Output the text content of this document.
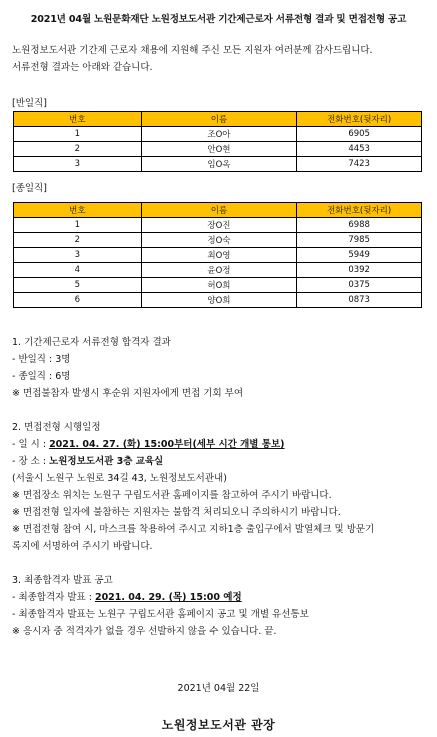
2021년 04월 노원문화재단 노원정보도서관 기간제근로자 서류전형 결과 및 면접전형 공고
노원정보도서관 기간제 근로자 채용에 지원해 주신 모든 지원자 여러분께 감사드립니다.
서류전형 결과는 아래와 같습니다.
[반일직]
번호	이름	전화번호(뒷자리)
1	조O아	6905
2	안O현	4453
3	임O옥	7423
[종일직]
번호	이름	전화번호(뒷자리)
1	장O진	6988
2	정O숙	7985
3	최O영	5949
4	윤O정	0392
5	허O희	0375
6	양O희	0873
1. 기간제근로자 서류전형 합격자 결과
- 반일직 : 3명
- 종일직 : 6명
※ 면접불참자 발생시 후순위 지원자에게 면접 기회 부여
2. 면접전형 시행일정
- 일 시 : 2021. 04. 27. (화) 15:00부터(세부 시간 개별 통보)
- 장 소 : 노원정보도서관 3층 교육실
(서울시 노원구 노원로 34길 43, 노원정보도서관내)
※ 면접장소 위치는 노원구 구립도서관 홈페이지를 참고하여 주시기 바랍니다.
※ 면접전형 일자에 불참하는 지원자는 불합격 처리되오니 주의하시기 바랍니다.
※ 면접전형 참여 시, 마스크를 착용하여 주시고 지하1층 출입구에서 발열체크 및 방문기
록지에 서명하여 주시기 바랍니다.
3. 최종합격자 발표 공고
- 최종합격자 발표 : 2021. 04. 29. (목) 15:00 예정
- 최종합격자 발표는 노원구 구립도서관 홈페이지 공고 및 개별 유선통보
※ 응시자 중 적격자가 없을 경우 선발하지 않을 수 있습니다. 끝.
2021년 04월 22일
노원정보도서관 관장
